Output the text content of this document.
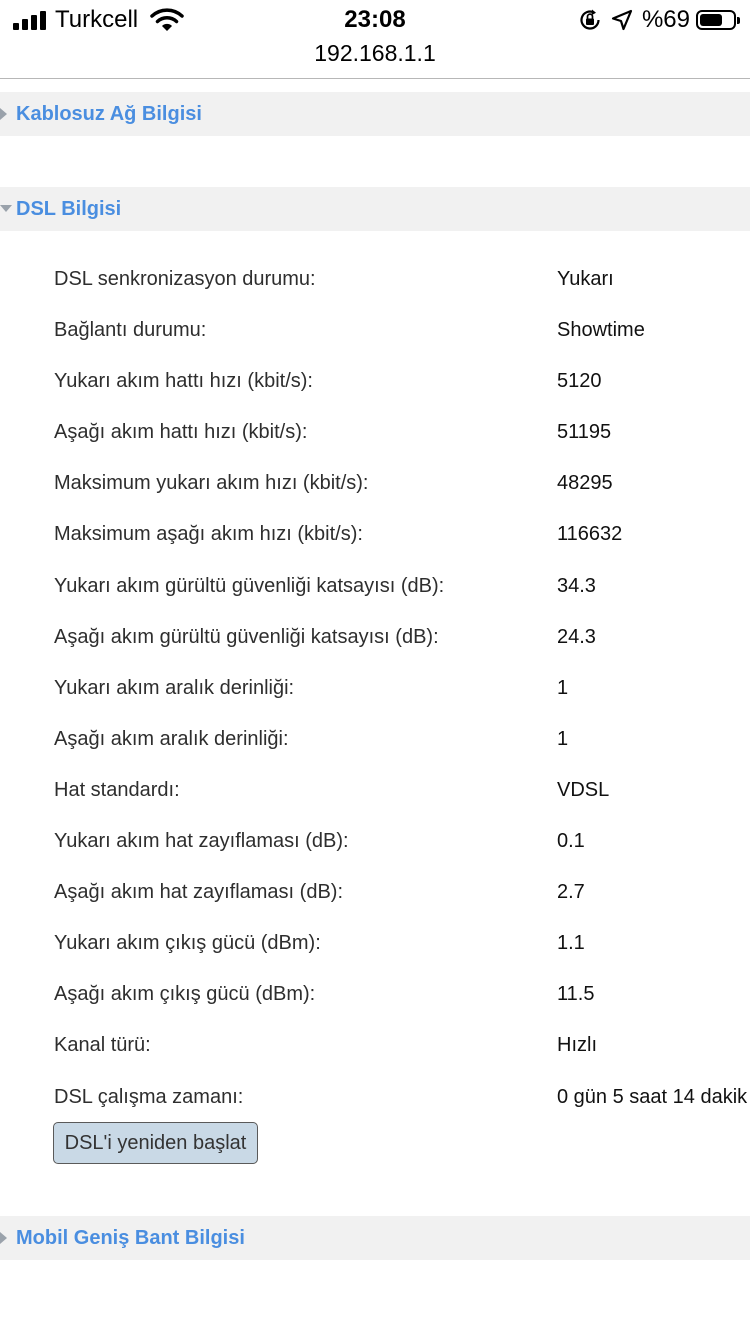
Turkcell	23:08	%69
192.168.1.1
Kablosuz Ağ Bilgisi
DSL Bilgisi
DSL senkronizasyon durumu:	Yukarı
Bağlantı durumu:	Showtime
Yukarı akım hattı hızı (kbit/s):	5120
Aşağı akım hattı hızı (kbit/s):	51195
Maksimum yukarı akım hızı (kbit/s):	48295
Maksimum aşağı akım hızı (kbit/s):	116632
Yukarı akım gürültü güvenliği katsayısı (dB):	34.3
Aşağı akım gürültü güvenliği katsayısı (dB):	24.3
Yukarı akım aralık derinliği:	1
Aşağı akım aralık derinliği:	1
Hat standardı:	VDSL
Yukarı akım hat zayıflaması (dB):	0.1
Aşağı akım hat zayıflaması (dB):	2.7
Yukarı akım çıkış gücü (dBm):	1.1
Aşağı akım çıkış gücü (dBm):	11.5
Kanal türü:	Hızlı
DSL çalışma zamanı:	0 gün 5 saat 14 dakik
DSL'i yeniden başlat
Mobil Geniş Bant Bilgisi
